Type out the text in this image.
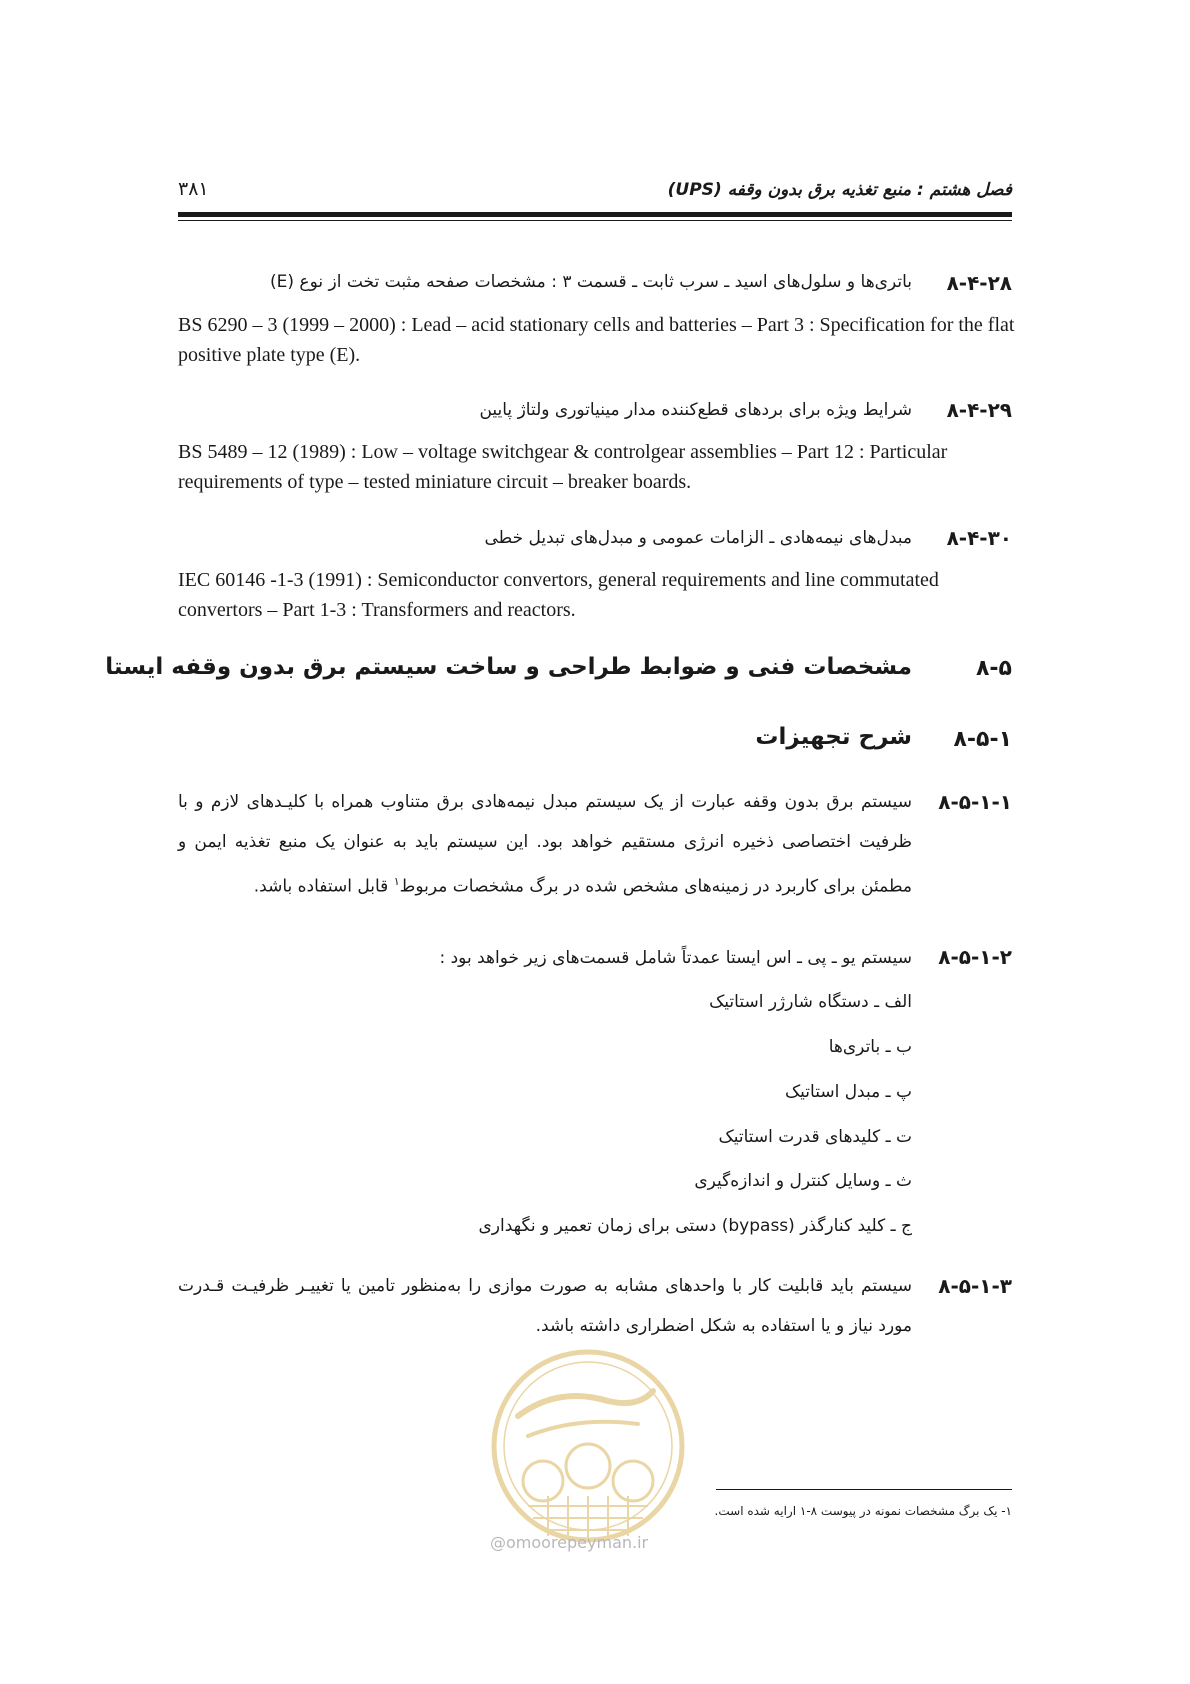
فصل هشتم : منبع تغذیه برق بدون وقفه (UPS)
۳۸۱
۸-۴-۲۸
باتری‌ها و سلول‌های اسید ـ سرب ثابت ـ قسمت ۳ : مشخصات صفحه مثبت تخت از نوع (E)
BS 6290 – 3 (1999 – 2000) : Lead – acid stationary cells and batteries – Part 3 : Specification for the flat positive plate type (E).
۸-۴-۲۹
شرایط ویژه برای بردهای قطع‌کننده مدار مینیاتوری ولتاژ پایین
BS 5489 – 12 (1989) : Low – voltage switchgear & controlgear assemblies – Part 12 : Particular requirements of type – tested miniature circuit – breaker boards.
۸-۴-۳۰
مبدل‌های نیمه‌هادی ـ الزامات عمومی و مبدل‌های تبدیل خطی
IEC 60146 -1-3 (1991) : Semiconductor convertors, general requirements and line commutated convertors – Part 1-3 : Transformers and reactors.
۸-۵
مشخصات فنی و ضوابط طراحی و ساخت سیستم برق بدون وقفه ایستا
۸-۵-۱
شرح تجهیزات
۸-۵-۱-۱
سیستم برق بدون وقفه عبارت از یک سیستم مبدل نیمه‌هادی برق متناوب همراه با کلیـدهای لازم و با ظرفیت اختصاصی ذخیره انرژی مستقیم خواهد بود. این سیستم باید به عنوان یک منبع تغذیه ایمن و مطمئن برای کاربرد در زمینه‌های مشخص شده در برگ مشخصات مربوط$^۱$ قابل استفاده باشد.
۸-۵-۱-۲
سیستم یو ـ پی ـ اس ایستا عمدتاً شامل قسمت‌های زیر خواهد بود :
الف ـ دستگاه شارژر استاتیک
ب ـ باتری‌ها
پ ـ مبدل استاتیک
ت ـ کلیدهای قدرت استاتیک
ث ـ وسایل کنترل و اندازه‌گیری
ج ـ کلید کنارگذر (bypass) دستی برای زمان تعمیر و نگهداری
۸-۵-۱-۳
سیستم باید قابلیت کار با واحدهای مشابه به صورت موازی را به‌منظور تامین یا تغییـر ظرفیـت قـدرت مورد نیاز و یا استفاده به شکل اضطراری داشته باشد.
۱- یک برگ مشخصات نمونه در پیوست ۸-۱ ارایه شده است.
@omoorepeyman.ir
